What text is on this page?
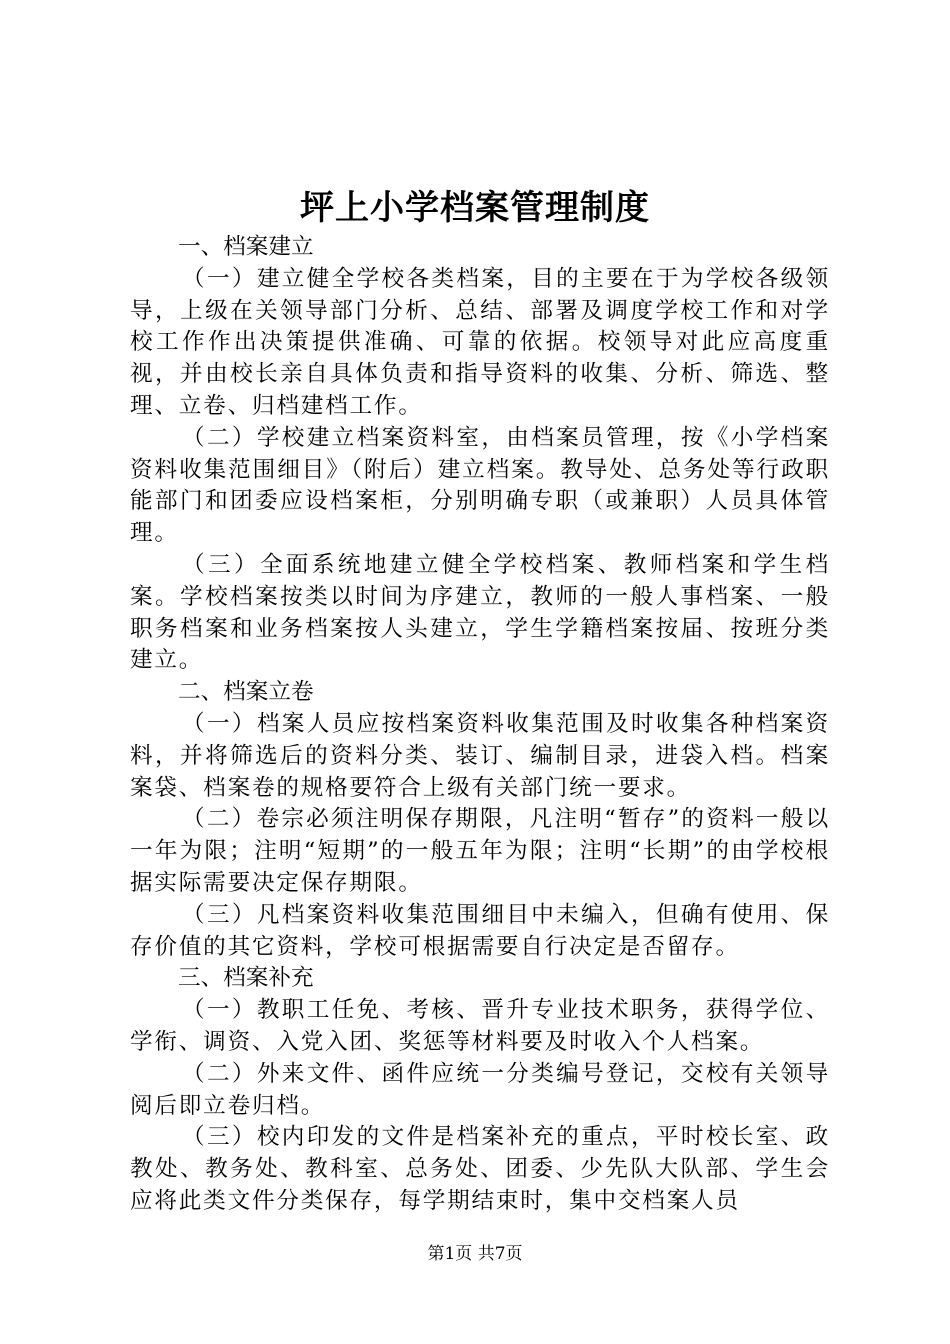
坪上小学档案管理制度

一、档案建立

（一）建立健全学校各类档案，目的主要在于为学校各级领导，上级在关领导部门分析、总结、部署及调度学校工作和对学校工作作出决策提供准确、可靠的依据。校领导对此应高度重视，并由校长亲自具体负责和指导资料的收集、分析、筛选、整理、立卷、归档建档工作。

（二）学校建立档案资料室，由档案员管理，按《小学档案资料收集范围细目》（附后）建立档案。教导处、总务处等行政职能部门和团委应设档案柜，分别明确专职（或兼职）人员具体管理。

（三）全面系统地建立健全学校档案、教师档案和学生档案。学校档案按类以时间为序建立，教师的一般人事档案、一般职务档案和业务档案按人头建立，学生学籍档案按届、按班分类建立。

二、档案立卷

（一）档案人员应按档案资料收集范围及时收集各种档案资料，并将筛选后的资料分类、装订、编制目录，进袋入档。档案案袋、档案卷的规格要符合上级有关部门统一要求。

（二）卷宗必须注明保存期限，凡注明“暂存”的资料一般以一年为限；注明“短期”的一般五年为限；注明“长期”的由学校根据实际需要决定保存期限。

（三）凡档案资料收集范围细目中未编入，但确有使用、保存价值的其它资料，学校可根据需要自行决定是否留存。

三、档案补充

（一）教职工任免、考核、晋升专业技术职务，获得学位、学衔、调资、入党入团、奖惩等材料要及时收入个人档案。

（二）外来文件、函件应统一分类编号登记，交校有关领导阅后即立卷归档。

（三）校内印发的文件是档案补充的重点，平时校长室、政教处、教务处、教科室、总务处、团委、少先队大队部、学生会应将此类文件分类保存，每学期结束时，集中交档案人员

第1页 共7页
